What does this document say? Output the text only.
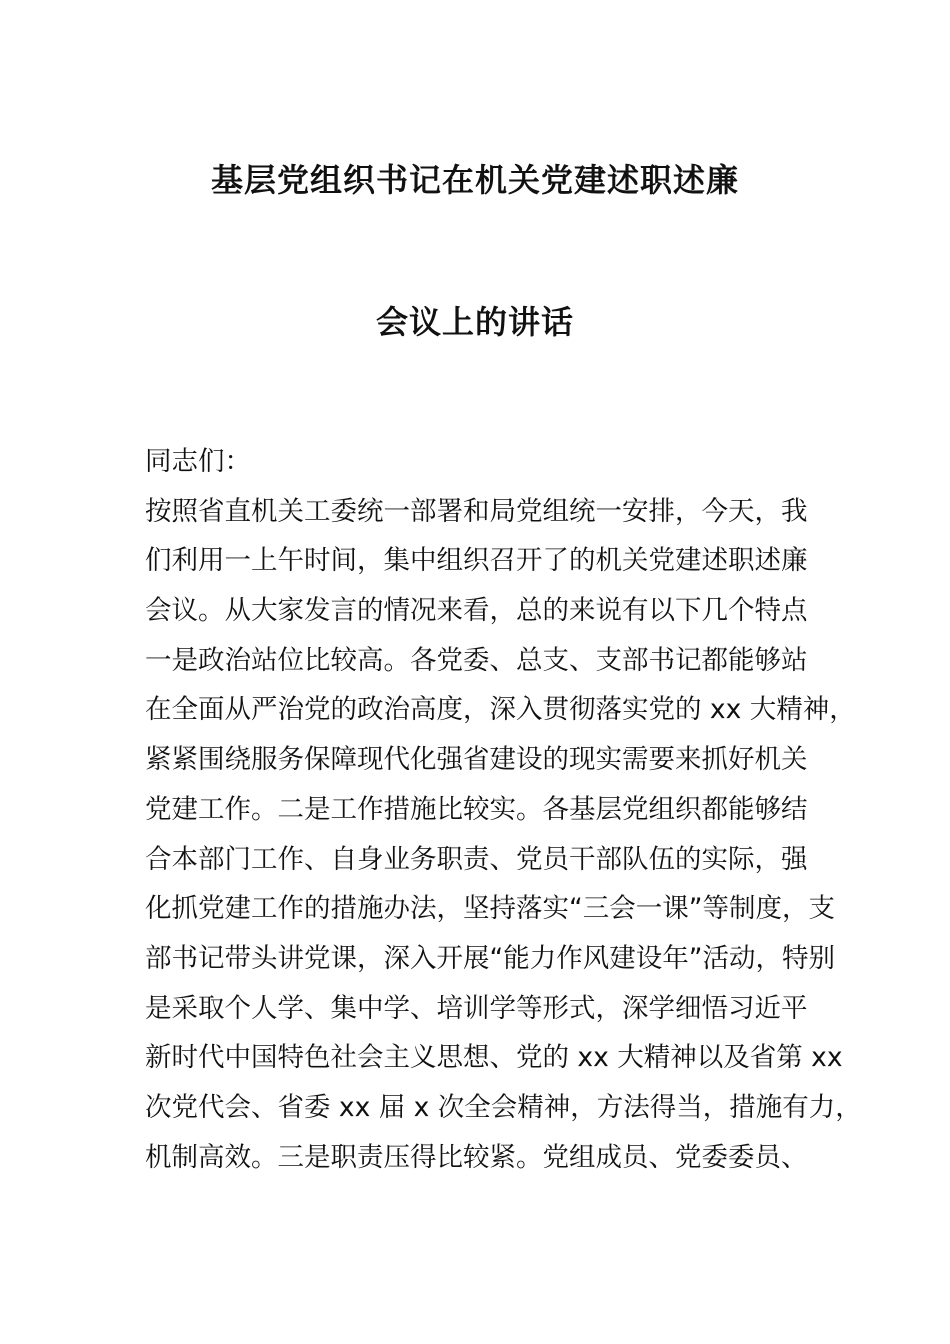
基层党组织书记在机关党建述职述廉
会议上的讲话
同志们：
按照省直机关工委统一部署和局党组统一安排，今天，我
们利用一上午时间，集中组织召开了的机关党建述职述廉
会议。从大家发言的情况来看，总的来说有以下几个特点
一是政治站位比较高。各党委、总支、支部书记都能够站
在全面从严治党的政治高度，深入贯彻落实党的 xx 大精神，
紧紧围绕服务保障现代化强省建设的现实需要来抓好机关
党建工作。二是工作措施比较实。各基层党组织都能够结
合本部门工作、自身业务职责、党员干部队伍的实际，强
化抓党建工作的措施办法，坚持落实“三会一课”等制度，支
部书记带头讲党课，深入开展“能力作风建设年”活动，特别
是采取个人学、集中学、培训学等形式，深学细悟习近平
新时代中国特色社会主义思想、党的 xx 大精神以及省第 xx
次党代会、省委 xx 届 x 次全会精神，方法得当，措施有力，
机制高效。三是职责压得比较紧。党组成员、党委委员、
